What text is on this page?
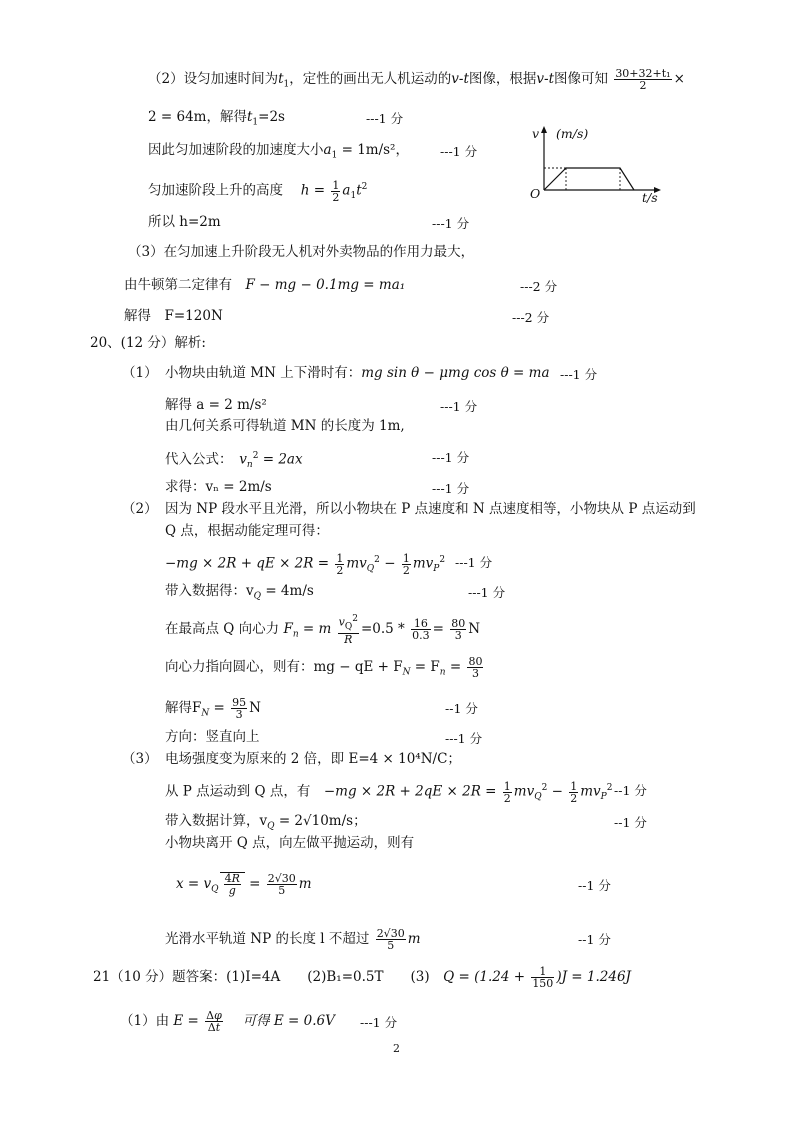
（2）设匀加速时间为$t_1$，定性的画出无人机运动的v-t图像，根据v-t图像可知 $\frac{\text{30+32+t₁}}{2}$ ×
2 = 64m，解得$t_1=2s$	---1 分
因此匀加速阶段的加速度大小$a_1 = 1m/s^2$， ---1 分
匀加速阶段上升的高度　 $h = \frac{1}{2} a_1t^2$
所以 h=2m	---1 分
v (m/s)
O	t/s
（3）在匀加速上升阶段无人机对外卖物品的作用力最大，
由牛顿第二定律有　 F − mg − 0.1mg = ma₁	---2 分
解得　F=120N	---2 分
20、(12 分）解析:
（1） 小物块由轨道 MN 上下滑时有：mg sin θ − μmg cos θ = ma ---1 分
解得 a = 2 m/s²	---1 分
由几何关系可得轨道 MN 的长度为 1m,
代入公式：　 $v_n^2 = 2ax$	---1 分
求得：vₙ = 2m/s	---1 分
（2） 因为 NP 段水平且光滑，所以小物块在 P 点速度和 N 点速度相等，小物块从 P 点运动到
Q 点，根据动能定理可得：
−mg × 2R + qE × $2R = \frac{1}{2} mv_Q^2 - \frac{1}{2} mv_P^2$ ---1 分
带入数据得：$v_Q = 4m/s$	---1 分
在最高点 Q 向心力 $F_n = m \frac{v_Q^2}{R} =0.5 * \frac{16}{0.3} = \frac{80}{3}$ N
向心力指向圆心，则有：mg − qE + $F_N = F_n = \frac{80}{3}$
解得$F_N = \frac{95}{3}$ N	--1 分
方向：竖直向上	---1 分
（3） 电场强度变为原来的 2 倍，即 E=4 × 10⁴N/C；
从 P 点运动到 Q 点，有　 $-mg \times 2R + 2qE \times 2R = \frac{1}{2} mv_Q^2 - \frac{1}{2} mv_P^2$ --1 分
带入数据计算，$v_Q = 2√10m/s$；	--1 分
小物块离开 Q 点，向左做平抛运动，则有
$x = v_Q \frac{4R}{g} = \frac{2√30}{5}$ m	--1 分
光滑水平轨道 NP 的长度 l 不超过 $\frac{2√30}{5}$ m	--1 分
21（10 分）题答案：(1)I=4A　　(2)B₁=0.5T　　(3)　 $Q = (1.24 + \frac{1}{150} )J = 1.246J$
（1）由 $E = \frac{\Delta\varphi}{\Delta t}$
　 可得 E = 0.6V ---1 分
2
